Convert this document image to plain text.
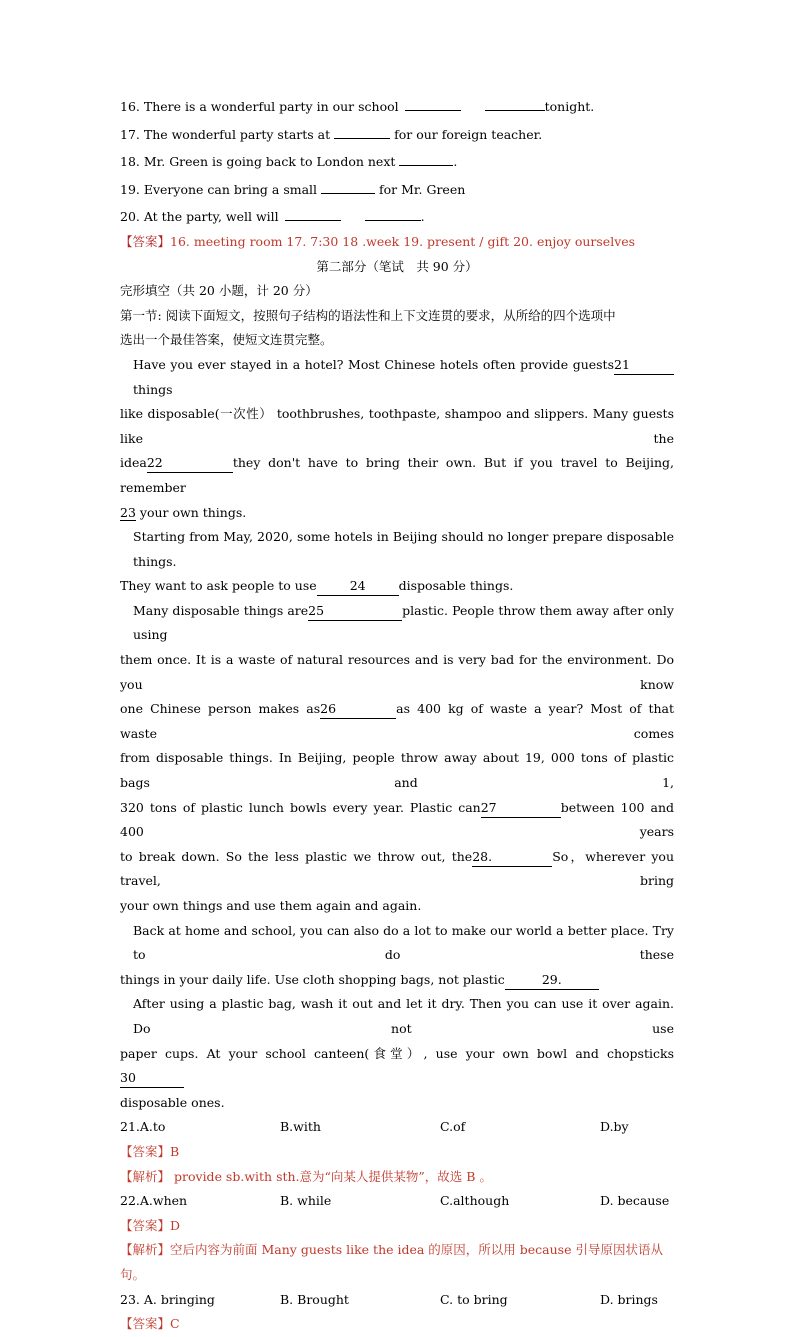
16. There is a wonderful party in our school	tonight.
17. The wonderful party starts at	for our foreign teacher.
18. Mr. Green is going back to London next	.
19. Everyone can bring a small	for Mr. Green
20. At the party, well will	.
【答案】16. meeting room 17. 7:30 18 .week 19. present / gift 20. enjoy ourselves
第二部分（笔试　共 90 分）
完形填空（共 20 小题，计 20 分）
第一节: 阅读下面短文，按照句子结构的语法性和上下文连贯的要求，从所给的四个选项中
选出一个最佳答案，使短文连贯完整。
Have you ever stayed in a hotel? Most Chinese hotels often provide guests21things
like disposable(一次性） toothbrushes, toothpaste, shampoo and slippers. Many guests like the
idea22	they don't have to bring their own. But if you travel to Beijing, remember
23 your own things.
Starting from May, 2020, some hotels in Beijing should no longer prepare disposable things.
They want to ask people to use	24	disposable things.
Many disposable things are25	plastic. People throw them away after only using
them once. It is a waste of natural resources and is very bad for the environment. Do you know
one Chinese person makes as26	as 400 kg of waste a year? Most of that waste comes
from disposable things. In Beijing, people throw away about 19, 000 tons of plastic bags and 1,
320 tons of plastic lunch bowls every year. Plastic can27	between 100 and 400 years
to break down. So the less plastic we throw out, the28.	So，wherever you travel, bring
your own things and use them again and again.
Back at home and school, you can also do a lot to make our world a better place. Try to do these
things in your daily life. Use cloth shopping bags, not plastic	29.
After using a plastic bag, wash it out and let it dry. Then you can use it over again. Do not use
paper cups. At your school canteen(食堂）, use your own bowl and chopsticks30
disposable ones.
21.A.to	B.with	C.of	D.by
【答案】B
【解析】 provide sb.with sth.意为“向某人提供某物”，故选 B 。
22.A.when	B. while	C.although	D. because
【答案】D
【解析】空后内容为前面 Many guests like the idea 的原因，所以用 because 引导原因状语从
句。
23. A. bringing	B. Brought	C. to bring	D. brings
【答案】C
